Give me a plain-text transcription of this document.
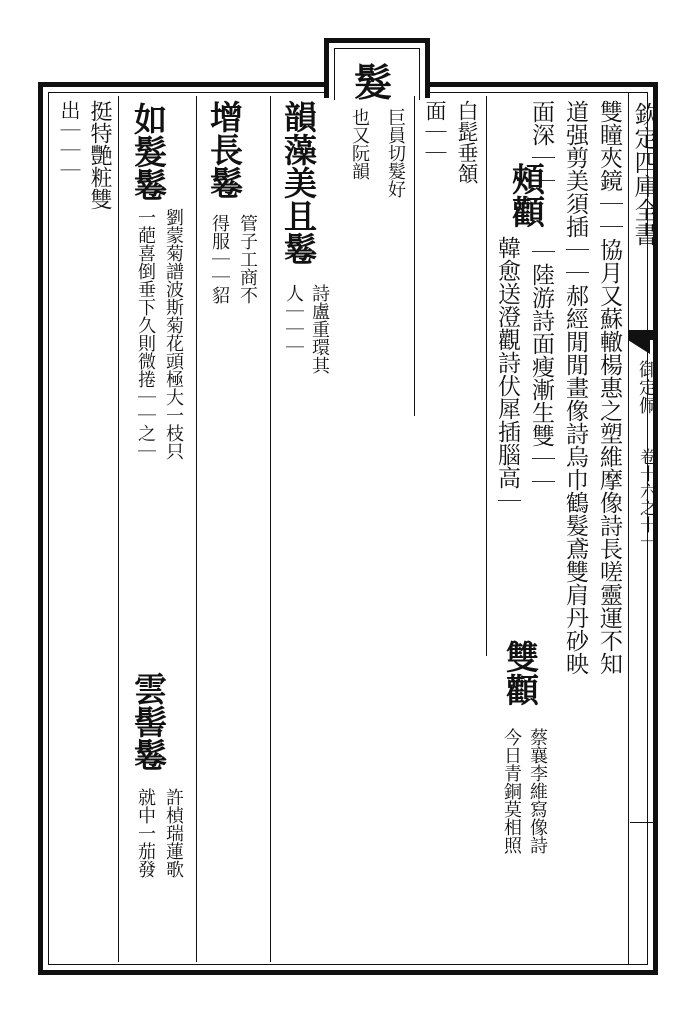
欽定四庫全書
御定佩
卷十六之十一
髮
雙瞳夾鏡｜｜協月又蘇轍楊惠之塑維摩像詩長嗟靈運不知
道强剪美須插｜｜郝經閒閒畫像詩烏巾鶴髮鳶雙肩丹砂映
面深｜｜
頰顴
｜陸游詩面瘦漸生雙｜｜
韓愈送澄觀詩伏犀插腦高｜
雙顴
蔡襄李維寫像詩
今日青銅莫相照
白髭垂頷
面｜｜
巨員切髮好
也又阮韻
韻藻美且鬈
詩盧重環其
人｜｜｜
增長鬈
管子工商不
得服｜｜貂
如髮鬈
劉蒙菊譜波斯菊花頭極大一枝只
一葩喜倒垂下久則微捲｜｜之｜
雲髻鬈
許楨瑞蓮歌
就中一茄發
挺特艷粧雙
出｜｜｜
